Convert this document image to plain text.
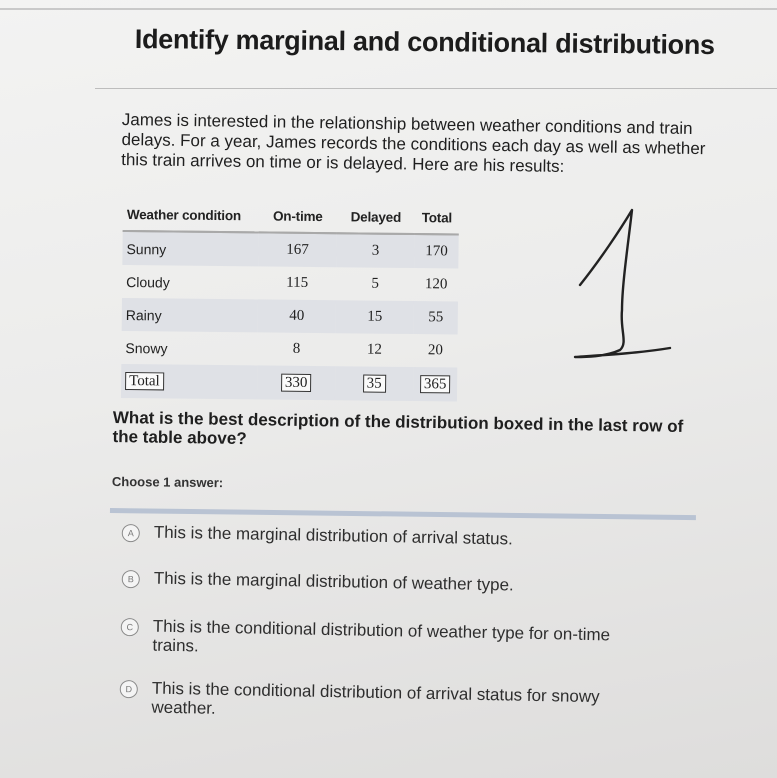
Identify marginal and conditional distributions
James is interested in the relationship between weather conditions and train delays. For a year, James records the conditions each day as well as whether this train arrives on time or is delayed. Here are his results:
Weather condition	On-time	Delayed	Total
Sunny	167	3	170
Cloudy	115	5	120
Rainy	40	15	55
Snowy	8	12	20
Total	330	35	365
What is the best description of the distribution boxed in the last row of the table above?
Choose 1 answer:
A	This is the marginal distribution of arrival status.
B	This is the marginal distribution of weather type.
C	This is the conditional distribution of weather type for on-time trains.
D	This is the conditional distribution of arrival status for snowy weather.
